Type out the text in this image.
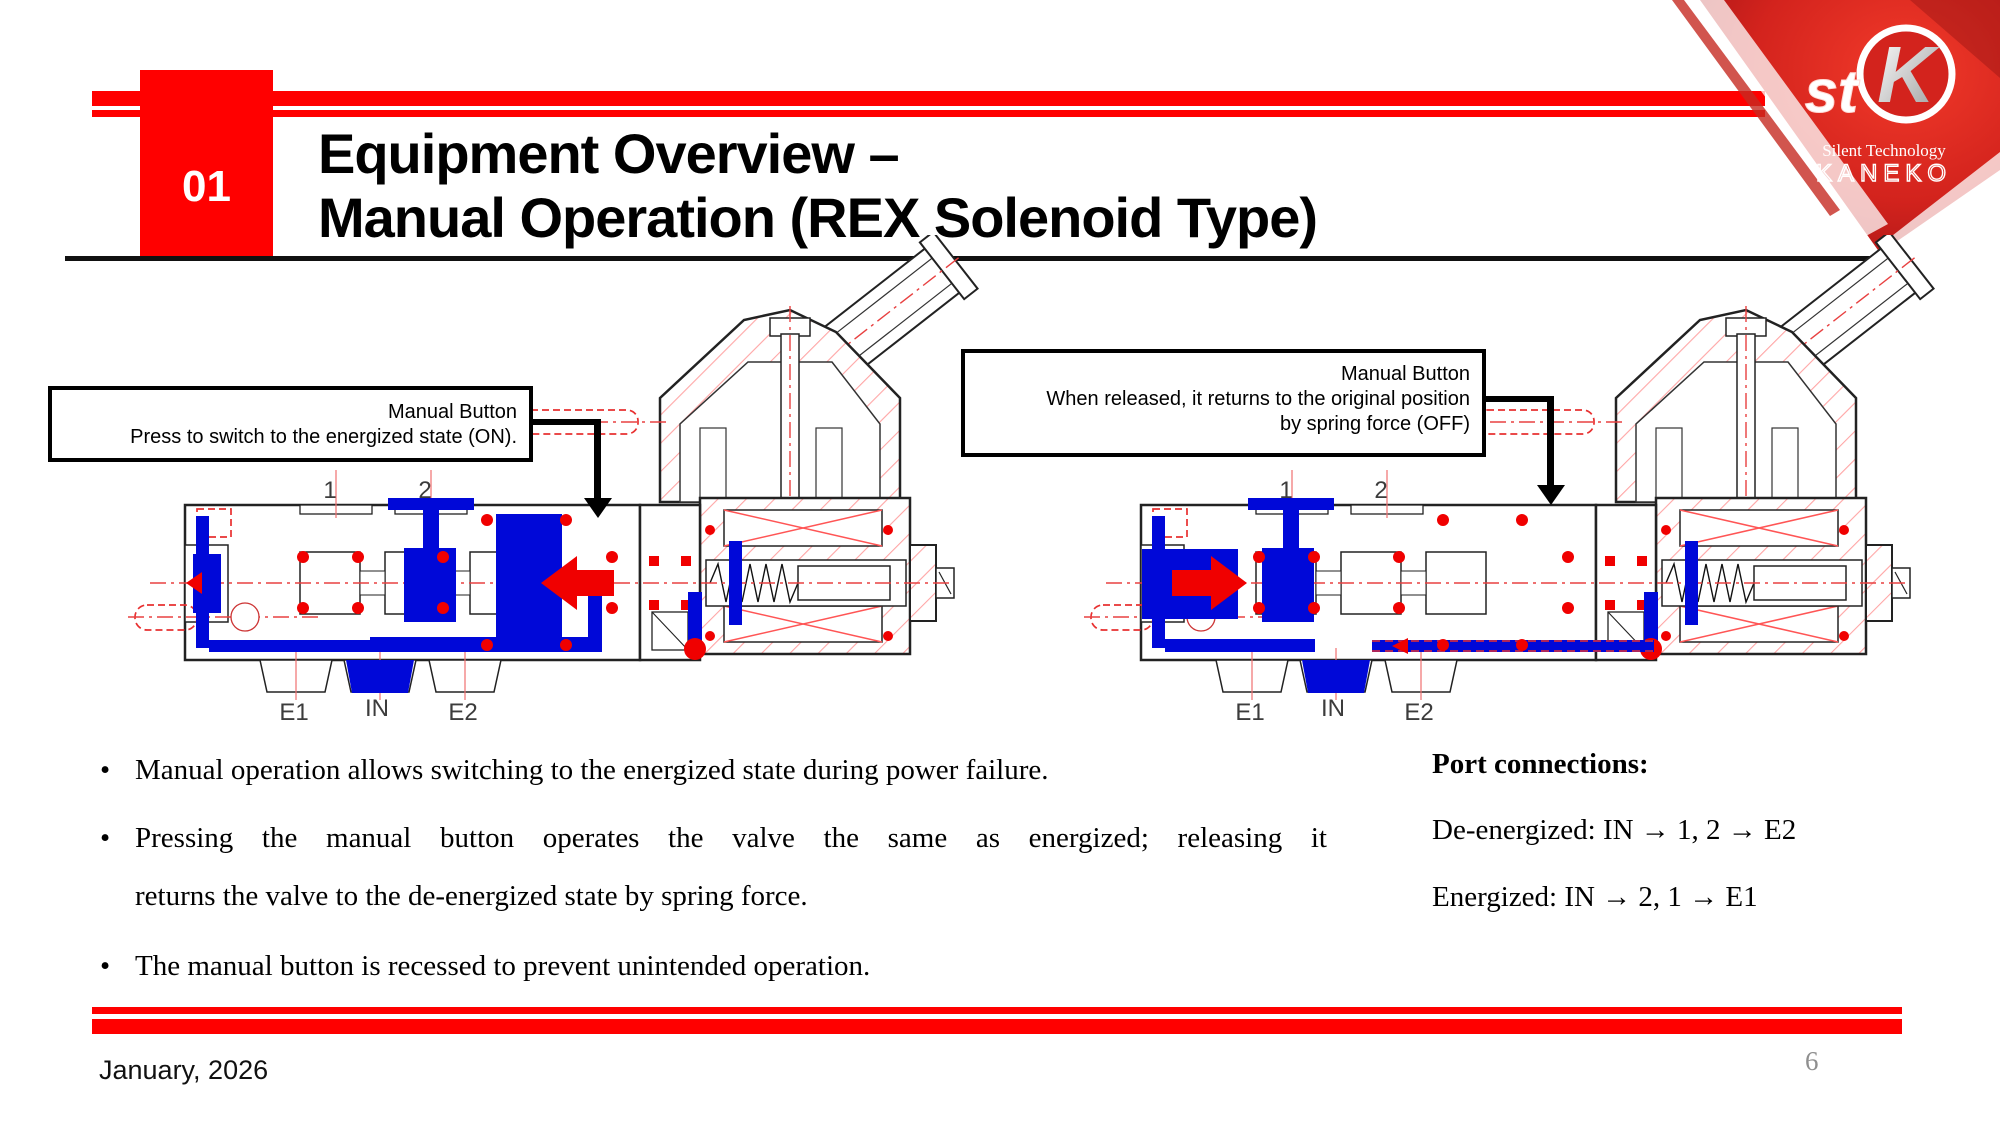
01
Equipment Overview –
Manual Operation (REX Solenoid Type)
K
st
Silent Technology
KANEKO
1	2
E1 IN E2
1	2
E1 IN E2
Manual Button
Press to switch to the energized state (ON).
Manual Button
When released, it returns to the original position
by spring force (OFF)
• Manual operation allows switching to the energized state during power failure.
• Pressing the manual button operates the valve the same as energized; releasing it
returns the valve to the de-energized state by spring force.
• The manual button is recessed to prevent unintended operation.
Port connections:
De-energized: IN → 1, 2 → E2
Energized: IN → 2, 1 → E1
January, 2026	6
